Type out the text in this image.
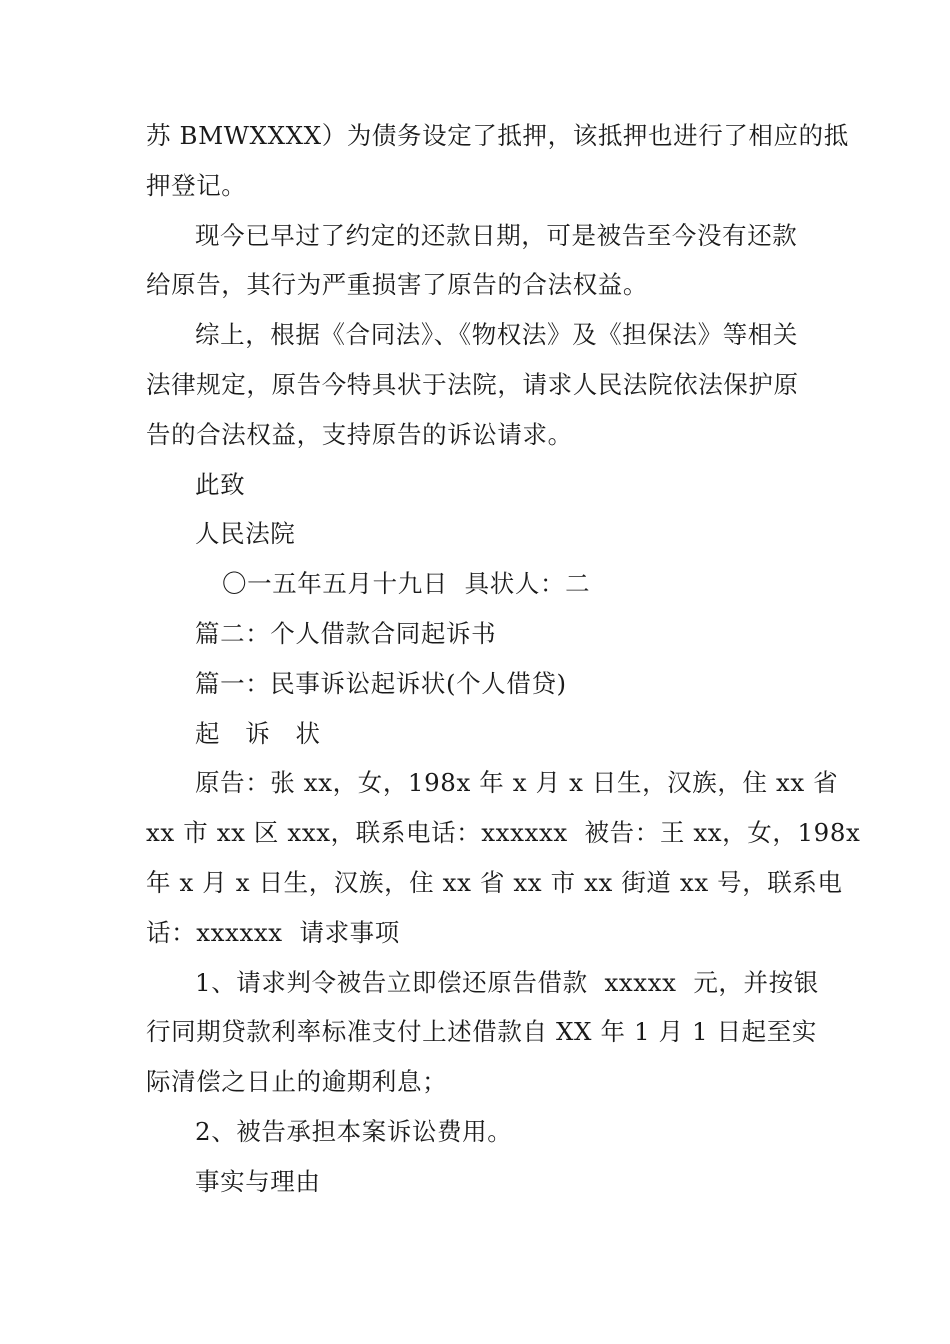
苏 BMWXXXX）为债务设定了抵押，该抵押也进行了相应的抵

押登记。

现今已早过了约定的还款日期，可是被告至今没有还款

给原告，其行为严重损害了原告的合法权益。

综上，根据《合同法》、《物权法》及《担保法》等相关

法律规定，原告今特具状于法院，请求人民法院依法保护原

告的合法权益，支持原告的诉讼请求。

此致

人民法院

〇一五年五月十九日  具状人：二

篇二：个人借款合同起诉书

篇一：民事诉讼起诉状(个人借贷)

起   诉   状

原告：张 xx，女，198x 年 x 月 x 日生，汉族，住 xx 省

xx 市 xx 区 xxx，联系电话：xxxxxx  被告：王 xx，女，198x

年 x 月 x 日生，汉族，住 xx 省 xx 市 xx 街道 xx 号，联系电

话：xxxxxx  请求事项

1、请求判令被告立即偿还原告借款  xxxxx  元，并按银

行同期贷款利率标准支付上述借款自 XX 年 1 月 1 日起至实

际清偿之日止的逾期利息；

2、被告承担本案诉讼费用。

事实与理由
